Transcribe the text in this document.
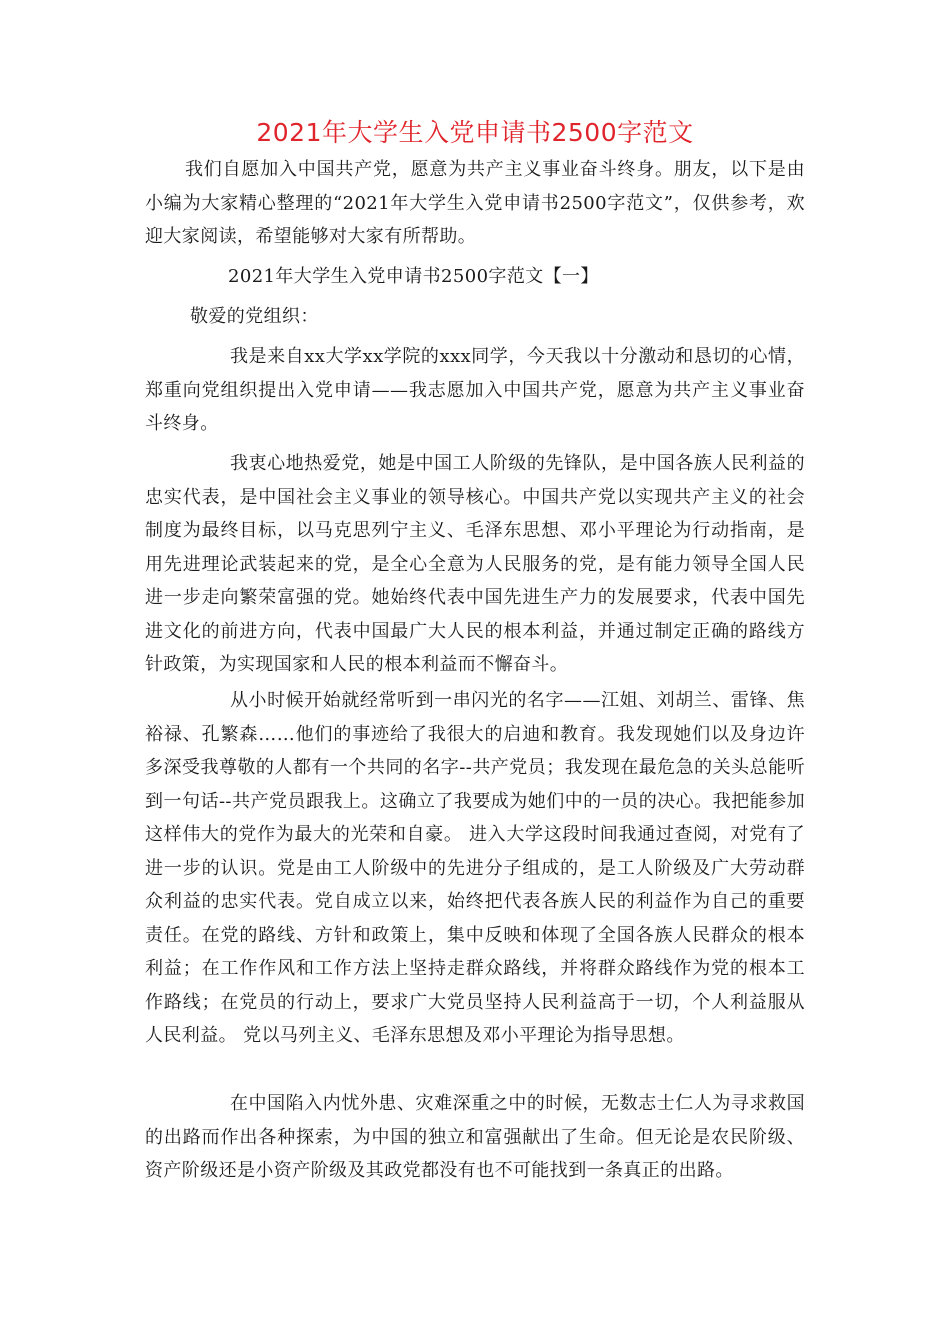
2021年大学生入党申请书2500字范文

我们自愿加入中国共产党，愿意为共产主义事业奋斗终身。朋友，以下是由小编为大家精心整理的“2021年大学生入党申请书2500字范文”，仅供参考，欢迎大家阅读，希望能够对大家有所帮助。

2021年大学生入党申请书2500字范文【一】
敬爱的党组织：

我是来自xx大学xx学院的xxx同学，今天我以十分激动和恳切的心情，郑重向党组织提出入党申请——我志愿加入中国共产党，愿意为共产主义事业奋斗终身。

我衷心地热爱党，她是中国工人阶级的先锋队，是中国各族人民利益的忠实代表，是中国社会主义事业的领导核心。中国共产党以实现共产主义的社会制度为最终目标，以马克思列宁主义、毛泽东思想、邓小平理论为行动指南，是用先进理论武装起来的党，是全心全意为人民服务的党，是有能力领导全国人民进一步走向繁荣富强的党。她始终代表中国先进生产力的发展要求，代表中国先进文化的前进方向，代表中国最广大人民的根本利益，并通过制定正确的路线方针政策，为实现国家和人民的根本利益而不懈奋斗。

从小时候开始就经常听到一串闪光的名字——江姐、刘胡兰、雷锋、焦裕禄、孔繁森……他们的事迹给了我很大的启迪和教育。我发现她们以及身边许多深受我尊敬的人都有一个共同的名字--共产党员；我发现在最危急的关头总能听到一句话--共产党员跟我上。这确立了我要成为她们中的一员的决心。我把能参加这样伟大的党作为最大的光荣和自豪。 进入大学这段时间我通过查阅，对党有了进一步的认识。党是由工人阶级中的先进分子组成的，是工人阶级及广大劳动群众利益的忠实代表。党自成立以来，始终把代表各族人民的利益作为自己的重要责任。在党的路线、方针和政策上，集中反映和体现了全国各族人民群众的根本利益；在工作作风和工作方法上坚持走群众路线，并将群众路线作为党的根本工作路线；在党员的行动上，要求广大党员坚持人民利益高于一切，个人利益服从人民利益。 党以马列主义、毛泽东思想及邓小平理论为指导思想。

在中国陷入内忧外患、灾难深重之中的时候，无数志士仁人为寻求救国的出路而作出各种探索，为中国的独立和富强献出了生命。但无论是农民阶级、资产阶级还是小资产阶级及其政党都没有也不可能找到一条真正的出路。
